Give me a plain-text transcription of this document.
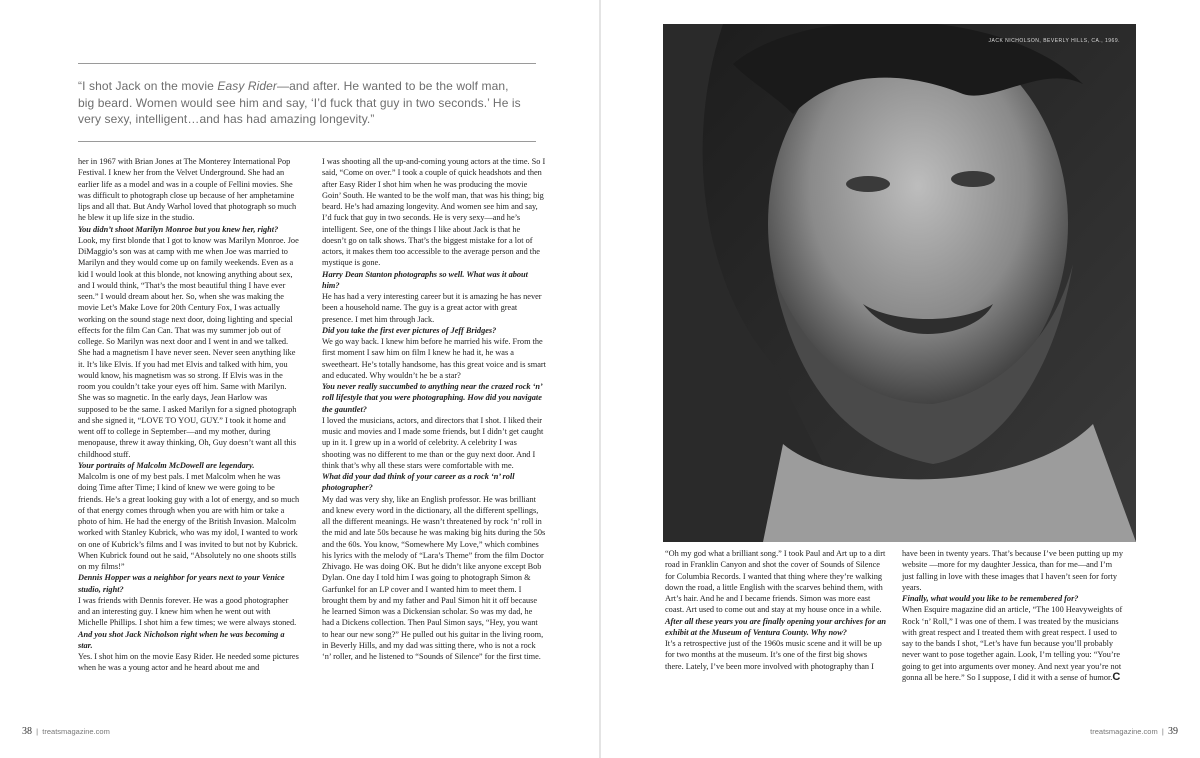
“I shot Jack on the movie Easy Rider—and after. He wanted to be the wolf man, big beard. Women would see him and say, ‘I’d fuck that guy in two seconds.’ He is very sexy, intelligent…and has had amazing longevity.”

her in 1967 with Brian Jones at The Monterey International Pop Festival. I knew her from the Velvet Underground. She had an earlier life as a model and was in a couple of Fellini movies. She was difficult to photograph close up because of her amphetamine lips and all that. But Andy Warhol loved that photograph so much he blew it up life size in the studio.

You didn’t shoot Marilyn Monroe but you knew her, right?

Look, my first blonde that I got to know was Marilyn Monroe. Joe DiMaggio’s son was at camp with me when Joe was married to Marilyn and they would come up on family weekends. Even as a kid I would look at this blonde, not knowing anything about sex, and I would think, “That’s the most beautiful thing I have ever seen.” I would dream about her. So, when she was making the movie Let’s Make Love for 20th Century Fox, I was actually working on the sound stage next door, doing lighting and special effects for the film Can Can. That was my summer job out of college. So Marilyn was next door and I went in and we talked. She had a magnetism I have never seen. Never seen anything like it. It’s like Elvis. If you had met Elvis and talked with him, you would know, his magnetism was so strong. If Elvis was in the room you couldn’t take your eyes off him. Same with Marilyn. She was so magnetic. In the early days, Jean Harlow was supposed to be the same. I asked Marilyn for a signed photograph and she signed it, “LOVE TO YOU, GUY.” I took it home and went off to college in September—and my mother, during menopause, threw it away thinking, Oh, Guy doesn’t want all this childhood stuff.

Your portraits of Malcolm McDowell are legendary.

Malcolm is one of my best pals. I met Malcolm when he was doing Time after Time; I kind of knew we were going to be friends. He’s a great looking guy with a lot of energy, and so much of that energy comes through when you are with him or take a photo of him. He had the energy of the British Invasion. Malcolm worked with Stanley Kubrick, who was my idol, I wanted to work on one of Kubrick’s films and I was invited to but not by Kubrick. When Kubrick found out he said, “Absolutely no one shoots stills on my films!”

Dennis Hopper was a neighbor for years next to your Venice studio, right?

I was friends with Dennis forever. He was a good photographer and an interesting guy. I knew him when he went out with Michelle Phillips. I shot him a few times; we were always stoned.

And you shot Jack Nicholson right when he was becoming a star.

Yes. I shot him on the movie Easy Rider. He needed some pictures when he was a young actor and he heard about me and

I was shooting all the up-and-coming young actors at the time. So I said, “Come on over.” I took a couple of quick headshots and then after Easy Rider I shot him when he was producing the movie Goin’ South. He wanted to be the wolf man, that was his thing; big beard. He’s had amazing longevity. And women see him and say, I’d fuck that guy in two seconds. He is very sexy—and he’s intelligent. See, one of the things I like about Jack is that he doesn’t go on talk shows. That’s the biggest mistake for a lot of actors, it makes them too accessible to the average person and the mystique is gone.

Harry Dean Stanton photographs so well. What was it about him?

He has had a very interesting career but it is amazing he has never been a household name. The guy is a great actor with great presence. I met him through Jack.

Did you take the first ever pictures of Jeff Bridges?

We go way back. I knew him before he married his wife. From the first moment I saw him on film I knew he had it, he was a sweetheart. He’s totally handsome, has this great voice and is smart and educated. Why wouldn’t he be a star?

You never really succumbed to anything near the crazed rock ‘n’ roll lifestyle that you were photographing. How did you navigate the gauntlet?

I loved the musicians, actors, and directors that I shot. I liked their music and movies and I made some friends, but I didn’t get caught up in it. I grew up in a world of celebrity. A celebrity I was shooting was no different to me than or the guy next door. And I think that’s why all these stars were comfortable with me.

What did your dad think of your career as a rock ‘n’ roll photographer?

My dad was very shy, like an English professor. He was brilliant and knew every word in the dictionary, all the different spellings, all the different meanings. He wasn’t threatened by rock ‘n’ roll in the mid and late 50s because he was making big hits during the 50s and the 60s. You know, “Somewhere My Love,” which combines his lyrics with the melody of “Lara’s Theme” from the film Doctor Zhivago. He was doing OK. But he didn’t like anyone except Bob Dylan. One day I told him I was going to photograph Simon & Garfunkel for an LP cover and I wanted him to meet them. I brought them by and my father and Paul Simon hit it off because he learned Simon was a Dickensian scholar. So was my dad, he had a Dickens collection. Then Paul Simon says, “Hey, you want to hear our new song?” He pulled out his guitar in the living room, in Beverly Hills, and my dad was sitting there, who is not a rock ‘n’ roller, and he listened to “Sounds of Silence” for the first time.

JACK NICHOLSON, BEVERLY HILLS, CA., 1969.

“Oh my god what a brilliant song.” I took Paul and Art up to a dirt road in Franklin Canyon and shot the cover of Sounds of Silence for Columbia Records. I wanted that thing where they’re walking down the road, a little English with the scarves behind them, with Art’s hair. And he and I became friends. Simon was more east coast. Art used to come out and stay at my house once in a while.

After all these years you are finally opening your archives for an exhibit at the Museum of Ventura County. Why now?

It’s a retrospective just of the 1960s music scene and it will be up for two months at the museum. It’s one of the first big shows there. Lately, I’ve been more involved with photography than I

have been in twenty years. That’s because I’ve been putting up my website —more for my daughter Jessica, than for me—and I’m just falling in love with these images that I haven’t seen for forty years.

Finally, what would you like to be remembered for?

When Esquire magazine did an article, “The 100 Heavyweights of Rock ‘n’ Roll,” I was one of them. I was treated by the musicians with great respect and I treated them with great respect. I used to say to the bands I shot, “Let’s have fun because you’ll probably never want to pose together again. Look, I’m telling you: “You’re going to get into arguments over money. And next year you’re not gonna all be here.” So I suppose, I did it with a sense of humor.C

38  |  treatsmagazine.com	treatsmagazine.com  |  39
